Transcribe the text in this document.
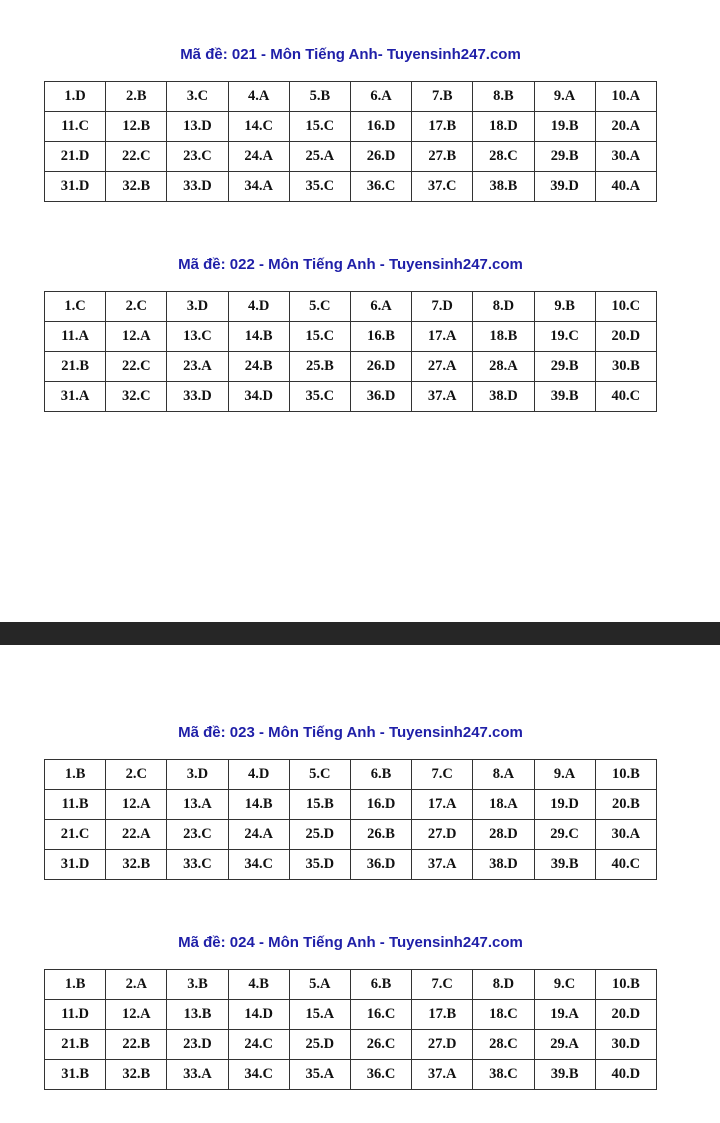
Mã đề: 021 - Môn Tiếng Anh- Tuyensinh247.com
1.D	2.B	3.C	4.A	5.B	6.A	7.B	8.B	9.A	10.A
11.C	12.B	13.D	14.C	15.C	16.D	17.B	18.D	19.B	20.A
21.D	22.C	23.C	24.A	25.A	26.D	27.B	28.C	29.B	30.A
31.D	32.B	33.D	34.A	35.C	36.C	37.C	38.B	39.D	40.A
Mã đề: 022 - Môn Tiếng Anh - Tuyensinh247.com
1.C	2.C	3.D	4.D	5.C	6.A	7.D	8.D	9.B	10.C
11.A	12.A	13.C	14.B	15.C	16.B	17.A	18.B	19.C	20.D
21.B	22.C	23.A	24.B	25.B	26.D	27.A	28.A	29.B	30.B
31.A	32.C	33.D	34.D	35.C	36.D	37.A	38.D	39.B	40.C
Mã đề: 023 - Môn Tiếng Anh - Tuyensinh247.com
1.B	2.C	3.D	4.D	5.C	6.B	7.C	8.A	9.A	10.B
11.B	12.A	13.A	14.B	15.B	16.D	17.A	18.A	19.D	20.B
21.C	22.A	23.C	24.A	25.D	26.B	27.D	28.D	29.C	30.A
31.D	32.B	33.C	34.C	35.D	36.D	37.A	38.D	39.B	40.C
Mã đề: 024 - Môn Tiếng Anh - Tuyensinh247.com
1.B	2.A	3.B	4.B	5.A	6.B	7.C	8.D	9.C	10.B
11.D	12.A	13.B	14.D	15.A	16.C	17.B	18.C	19.A	20.D
21.B	22.B	23.D	24.C	25.D	26.C	27.D	28.C	29.A	30.D
31.B	32.B	33.A	34.C	35.A	36.C	37.A	38.C	39.B	40.D
